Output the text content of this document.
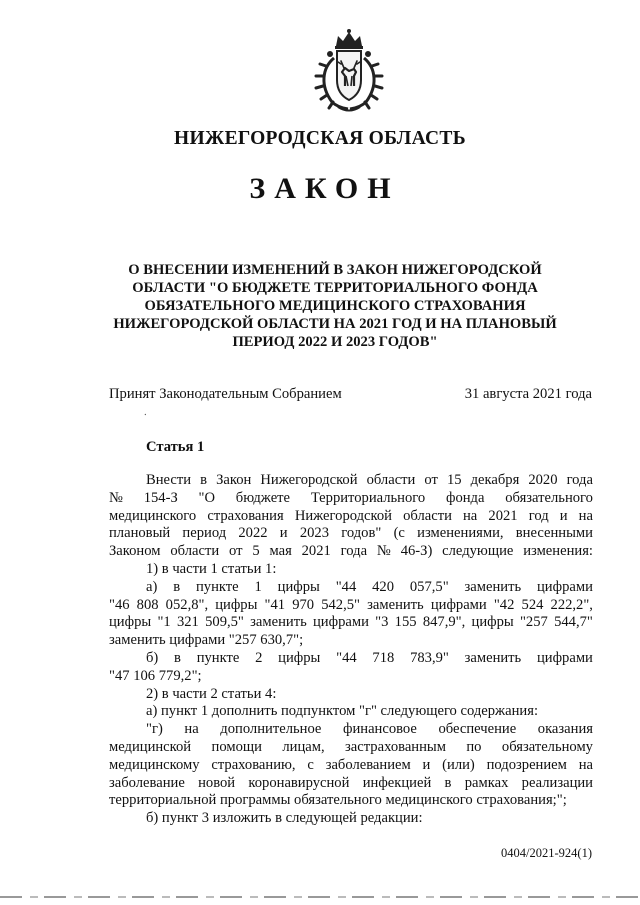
НИЖЕГОРОДСКАЯ ОБЛАСТЬ
ЗАКОН
О ВНЕСЕНИИ ИЗМЕНЕНИЙ В ЗАКОН НИЖЕГОРОДСКОЙ
ОБЛАСТИ "О БЮДЖЕТЕ ТЕРРИТОРИАЛЬНОГО ФОНДА
ОБЯЗАТЕЛЬНОГО МЕДИЦИНСКОГО СТРАХОВАНИЯ
НИЖЕГОРОДСКОЙ ОБЛАСТИ НА 2021 ГОД И НА ПЛАНОВЫЙ
ПЕРИОД 2022 И 2023 ГОДОВ"
Принят Законодательным Собранием	31 августа 2021 года
⸱
Статья 1
Внести в Закон Нижегородской области от 15 декабря 2020 года
№ 154-З "О бюджете Территориального фонда обязательного
медицинского страхования Нижегородской области на 2021 год и на
плановый период 2022 и 2023 годов" (с изменениями, внесенными
Законом области от 5 мая 2021 года № 46-З) следующие изменения:
1) в части 1 статьи 1:
а) в пункте 1 цифры "44 420 057,5" заменить цифрами
"46 808 052,8", цифры "41 970 542,5" заменить цифрами "42 524 222,2",
цифры "1 321 509,5" заменить цифрами "3 155 847,9", цифры "257 544,7"
заменить цифрами "257 630,7";
б) в пункте 2 цифры "44 718 783,9" заменить цифрами
"47 106 779,2";
2) в части 2 статьи 4:
а) пункт 1 дополнить подпунктом "г" следующего содержания:
"г) на дополнительное финансовое обеспечение оказания
медицинской помощи лицам, застрахованным по обязательному
медицинскому страхованию, с заболеванием и (или) подозрением на
заболевание новой коронавирусной инфекцией в рамках реализации
территориальной программы обязательного медицинского страхования;";
б) пункт 3 изложить в следующей редакции:
0404/2021-924(1)
